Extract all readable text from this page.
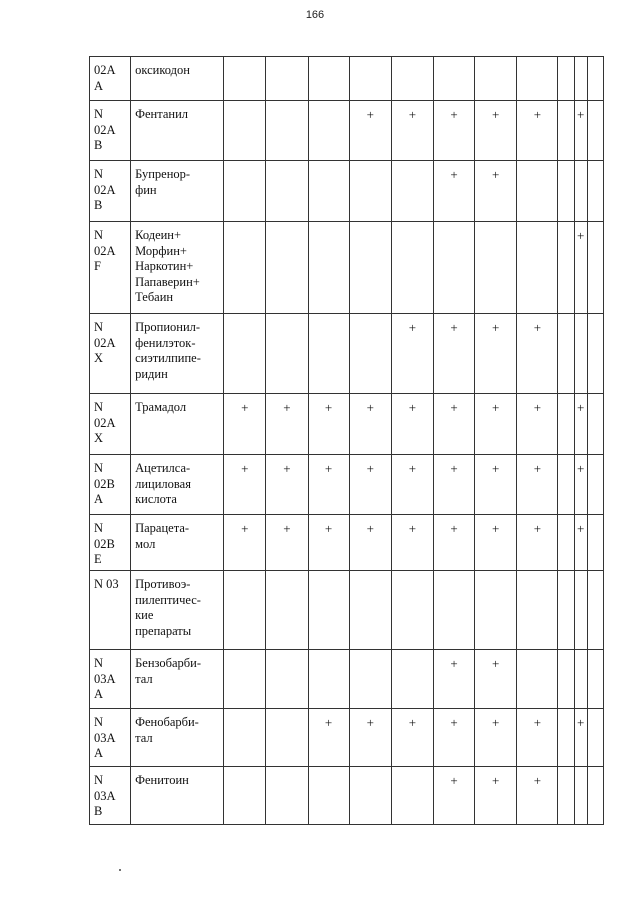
166
02A
A	оксикодон											

N
02A
B	Фентанил				+	+	+	+	+		+	

N
02A
B	Бупренор-
фин						+	+				

N
02A
F	Кодеин+
Морфин+
Наркотин+
Папаверин+
Тебаин										+	

N
02A
X	Пропионил-
фенилэток-
сиэтилпипе-
ридин					+	+	+	+			

N
02A
X	Трамадол	+	+	+	+	+	+	+	+		+	

N
02B
A	Ацетилса-
лициловая
кислота	+	+	+	+	+	+	+	+		+	

N
02B
E	Парацета-
мол	+	+	+	+	+	+	+	+		+	

N 03	Противоэ-
пилептичес-
кие
препараты											

N
03A
A	Бензобарби-
тал						+	+				

N
03A
A	Фенобарби-
тал			+	+	+	+	+	+		+	

N
03A
B	Фенитоин						+	+	+			
